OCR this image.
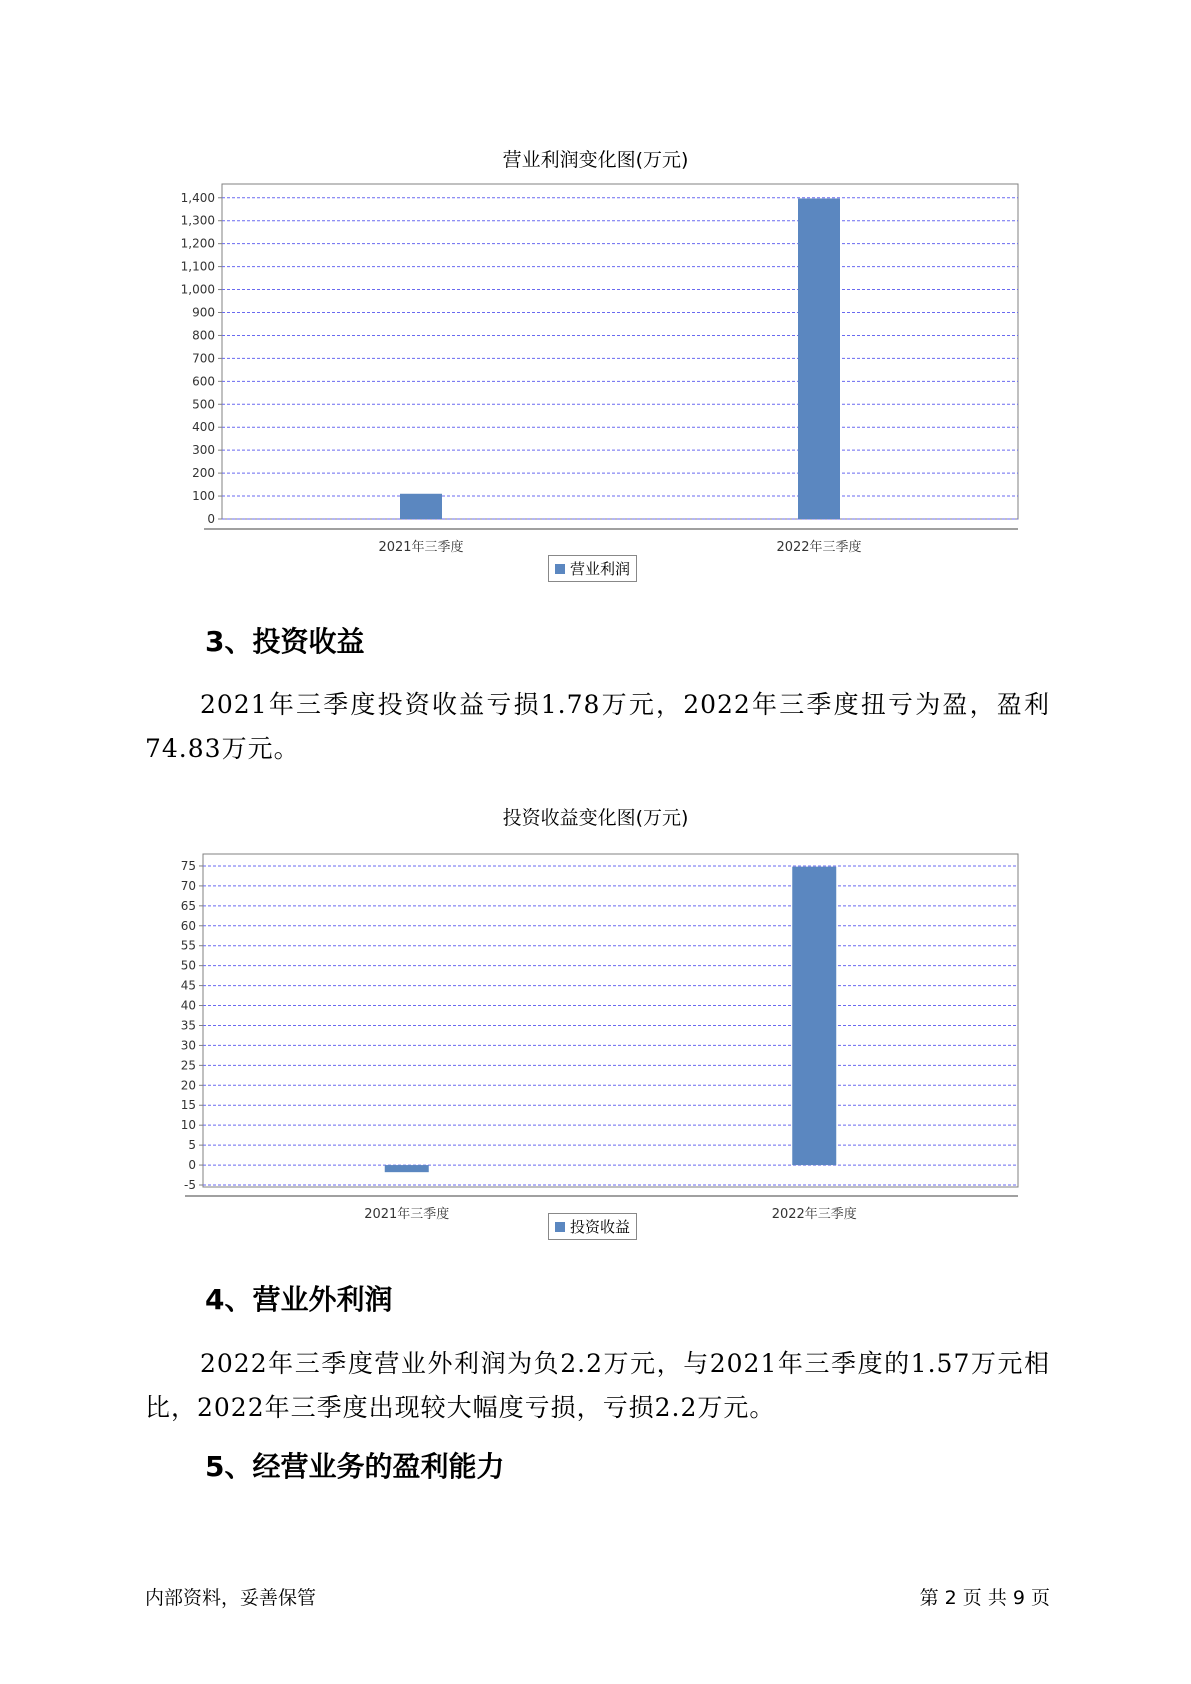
营业利润变化图(万元)
0
100
200
300
400
500
600
700
800
900
1,000
1,100
1,200
1,300
1,400
2021年三季度	2022年三季度
营业利润
3、投资收益
2021年三季度投资收益亏损1.78万元，2022年三季度扭亏为盈，盈利
74.83万元。
投资收益变化图(万元)
-5
0
5
10
15
20
25
30
35
40
45
50
55
60
65
70
75
2021年三季度	2022年三季度
投资收益
4、营业外利润
2022年三季度营业外利润为负2.2万元，与2021年三季度的1.57万元相
比，2022年三季度出现较大幅度亏损，亏损2.2万元。
5、经营业务的盈利能力
内部资料，妥善保管	第 2 页 共 9 页
